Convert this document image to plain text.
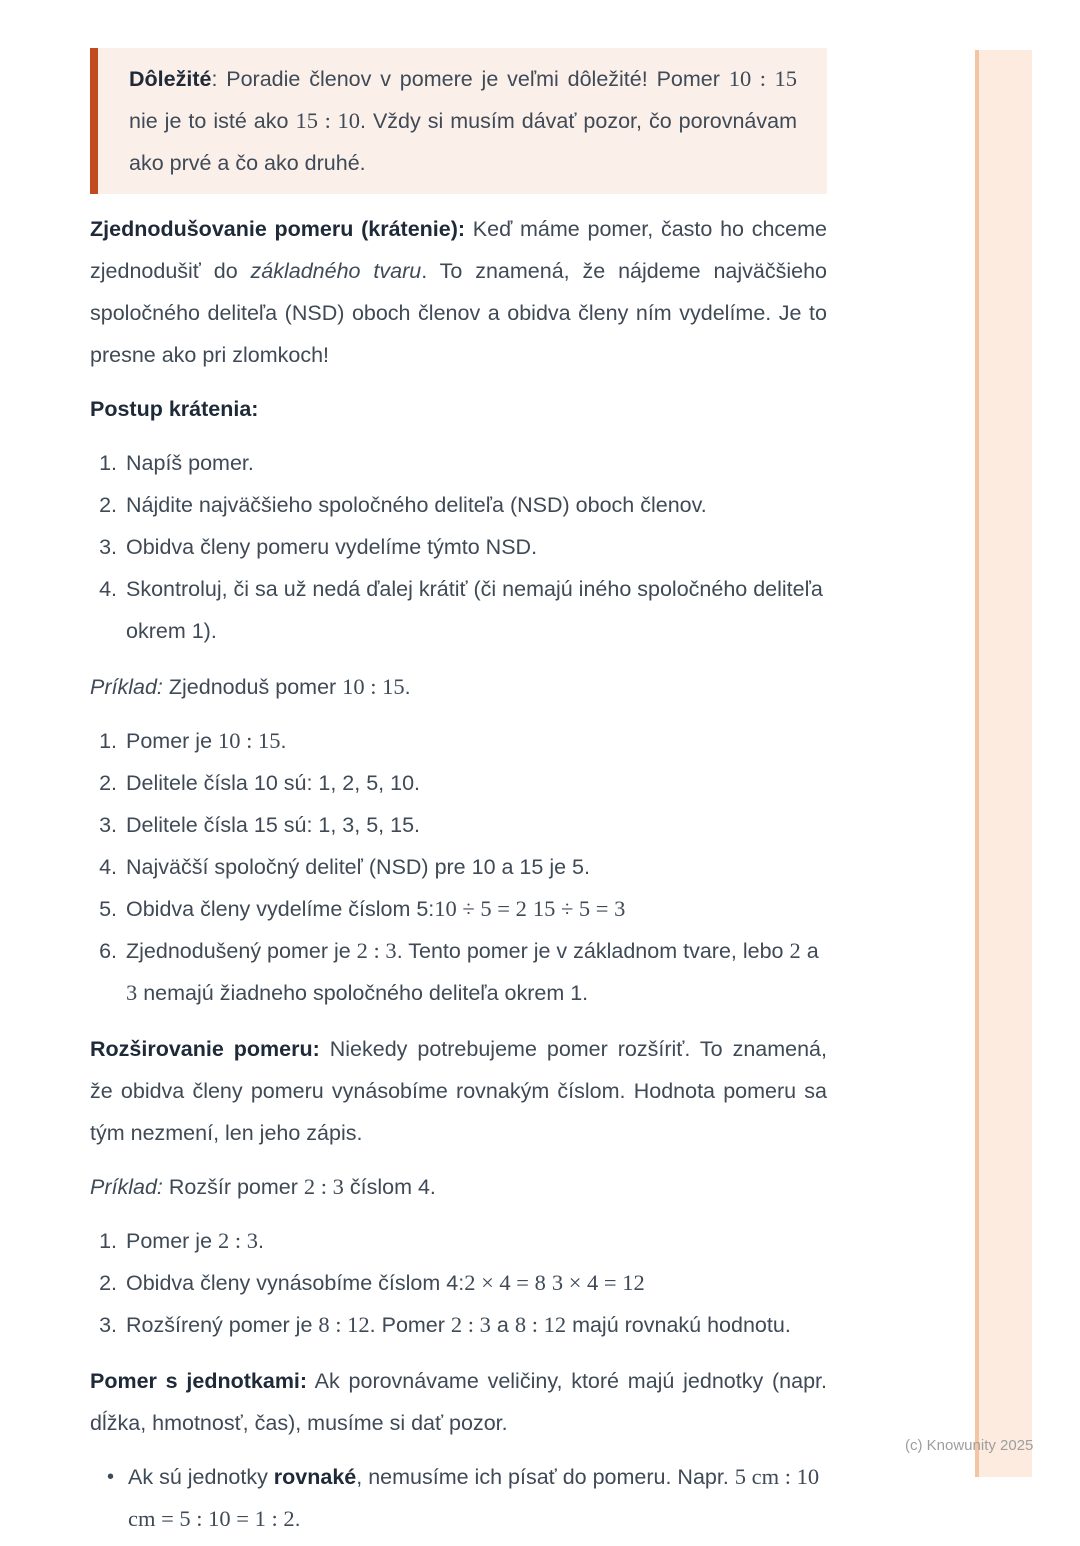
(c) Knowunity 2025

Dôležité: Poradie členov v pomere je veľmi dôležité! Pomer 10 : 15 nie je to isté ako 15 : 10. Vždy si musím dávať pozor, čo porovnávam ako prvé a čo ako druhé.

Zjednodušovanie pomeru (krátenie): Keď máme pomer, často ho chceme zjednodušiť do základného tvaru. To znamená, že nájdeme najväčšieho spoločného deliteľa (NSD) oboch členov a obidva členy ním vydelíme. Je to presne ako pri zlomkoch!

Postup krátenia:

1. Napíš pomer.
2. Nájdite najväčšieho spoločného deliteľa (NSD) oboch členov.
3. Obidva členy pomeru vydelíme týmto NSD.
4. Skontroluj, či sa už nedá ďalej krátiť (či nemajú iného spoločného deliteľa okrem 1).

Príklad: Zjednoduš pomer 10 : 15.

1. Pomer je 10 : 15.
2. Delitele čísla 10 sú: 1, 2, 5, 10.
3. Delitele čísla 15 sú: 1, 3, 5, 15.
4. Najväčší spoločný deliteľ (NSD) pre 10 a 15 je 5.
5. Obidva členy vydelíme číslom 5:10 ÷ 5 = 2 15 ÷ 5 = 3
6. Zjednodušený pomer je 2 : 3. Tento pomer je v základnom tvare, lebo 2 a 3 nemajú žiadneho spoločného deliteľa okrem 1.

Rozširovanie pomeru: Niekedy potrebujeme pomer rozšíriť. To znamená, že obidva členy pomeru vynásobíme rovnakým číslom. Hodnota pomeru sa tým nezmení, len jeho zápis.

Príklad: Rozšír pomer 2 : 3 číslom 4.

1. Pomer je 2 : 3.
2. Obidva členy vynásobíme číslom 4:2 × 4 = 8 3 × 4 = 12
3. Rozšírený pomer je 8 : 12. Pomer 2 : 3 a 8 : 12 majú rovnakú hodnotu.

Pomer s jednotkami: Ak porovnávame veličiny, ktoré majú jednotky (napr. dĺžka, hmotnosť, čas), musíme si dať pozor.

• Ak sú jednotky rovnaké, nemusíme ich písať do pomeru. Napr. 5 cm : 10 cm = 5 : 10 = 1 : 2.
